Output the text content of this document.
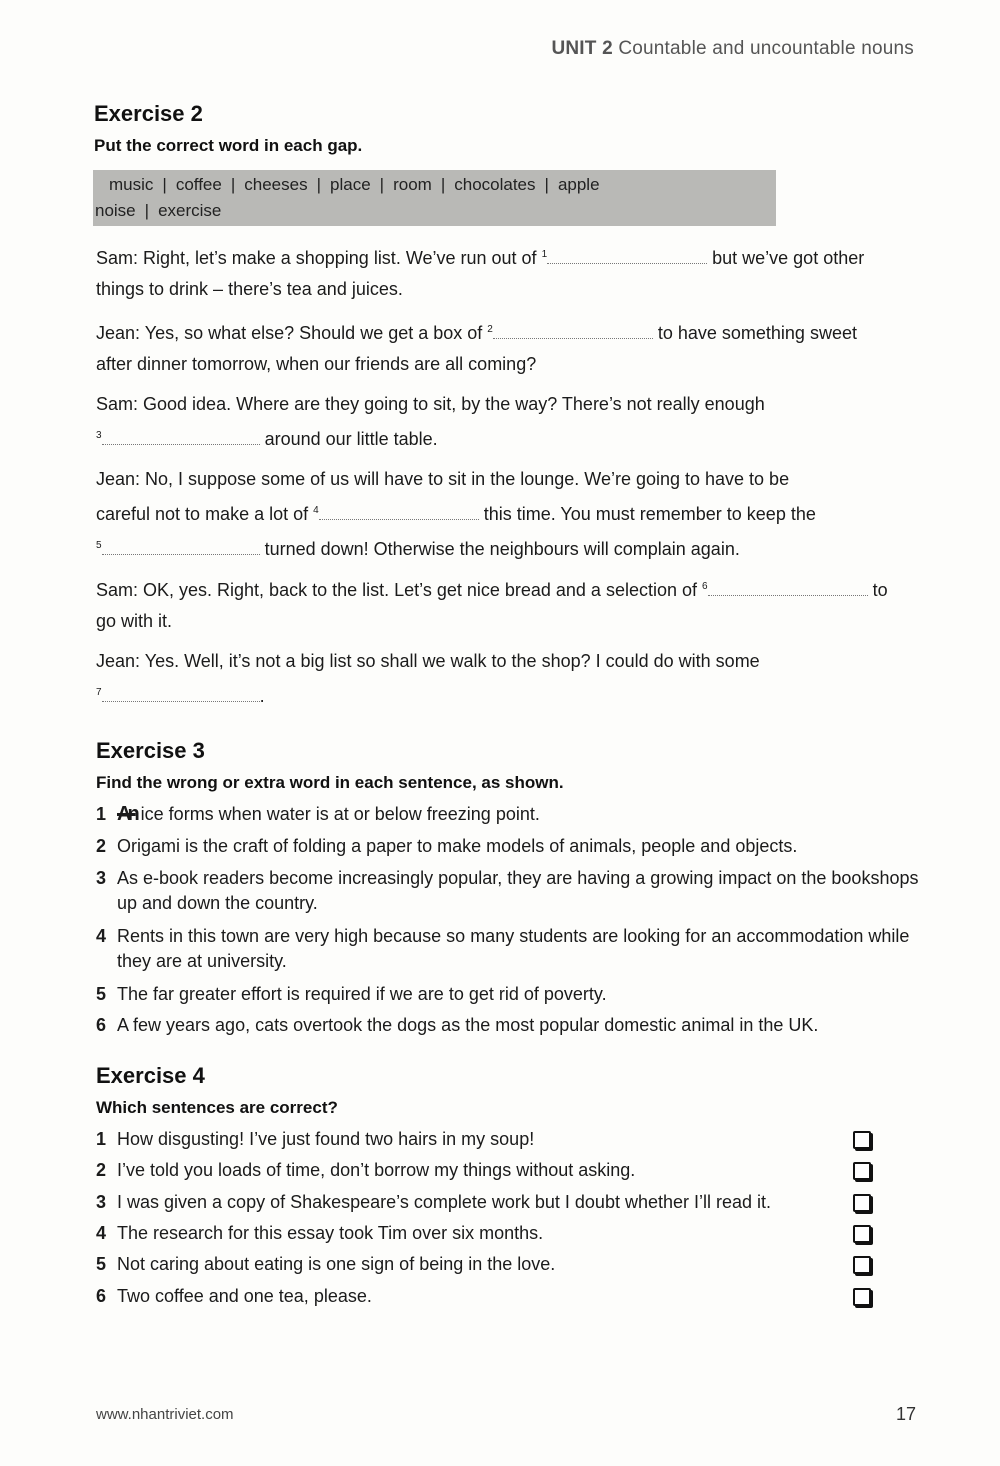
UNIT 2 Countable and uncountable nouns
Exercise 2
Put the correct word in each gap.
music | coffee | cheeses | place | room | chocolates | apple
noise | exercise

Sam: Right, let’s make a shopping list. We’ve run out of $^1$	but we’ve got other

things to drink – there’s tea and juices.

Jean: Yes, so what else? Should we get a box of $^2$	to have something sweet

after dinner tomorrow, when our friends are all coming?

Sam: Good idea. Where are they going to sit, by the way? There’s not really enough

$^3$	around our little table.

Jean: No, I suppose some of us will have to sit in the lounge. We’re going to have to be

careful not to make a lot of $^4$	this time. You must remember to keep the

$^5$	turned down! Otherwise the neighbours will complain again.

Sam: OK, yes. Right, back to the list. Let’s get nice bread and a selection of $^6$	to

go with it.

Jean: Yes. Well, it’s not a big list so shall we walk to the shop? I could do with some

$^7$	.

Exercise 3
Find the wrong or extra word in each sentence, as shown.
1 An ice forms when water is at or below freezing point.
2 Origami is the craft of folding a paper to make models of animals, people and objects.
3 As e-book readers become increasingly popular, they are having a growing impact on the bookshops up and down the country.
4 Rents in this town are very high because so many students are looking for an accommodation while they are at university.
5 The far greater effort is required if we are to get rid of poverty.
6 A few years ago, cats overtook the dogs as the most popular domestic animal in the UK.
Exercise 4
Which sentences are correct?
1 How disgusting! I’ve just found two hairs in my soup!
2 I’ve told you loads of time, don’t borrow my things without asking.
3 I was given a copy of Shakespeare’s complete work but I doubt whether I’ll read it.
4 The research for this essay took Tim over six months.
5 Not caring about eating is one sign of being in the love.
6 Two coffee and one tea, please.
www.nhantriviet.com	17
